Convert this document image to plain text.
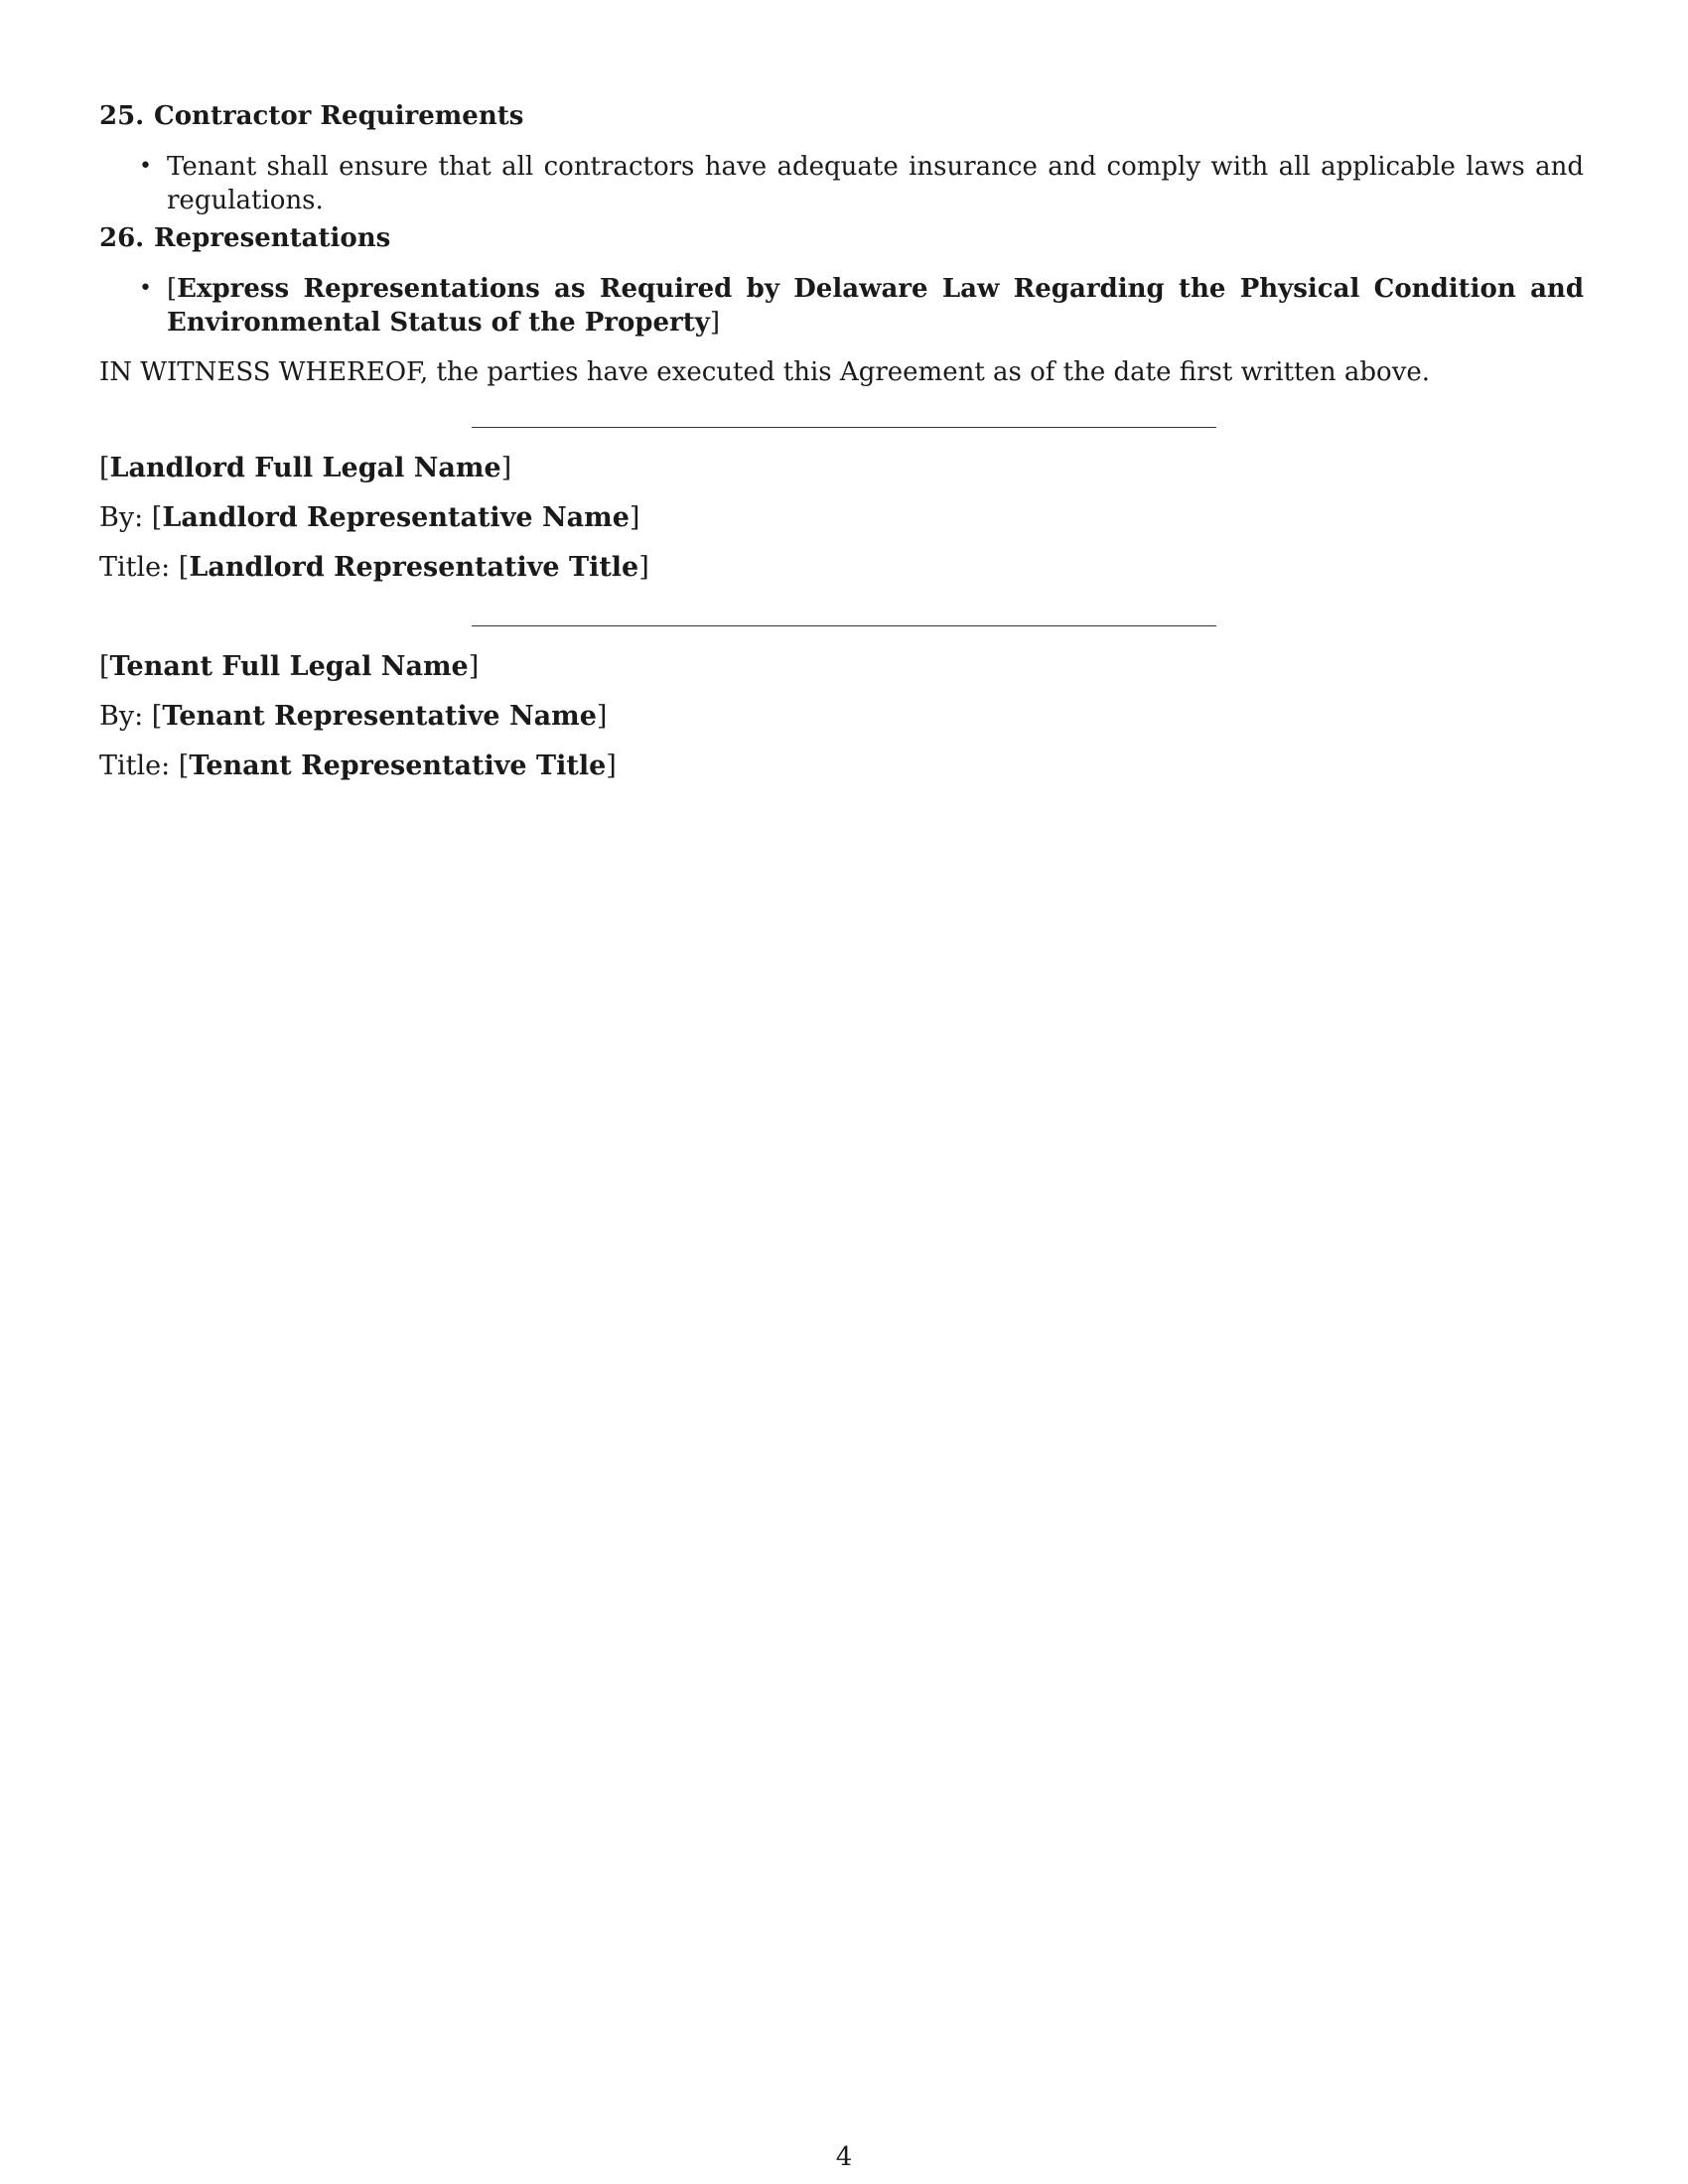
25. Contractor Requirements
• Tenant shall ensure that all contractors have adequate insurance and comply with all applicable laws and regulations.
26. Representations
• [Express Representations as Required by Delaware Law Regarding the Physical Condition and Environmental Status of the Property]
IN WITNESS WHEREOF, the parties have executed this Agreement as of the date first written above.
[Landlord Full Legal Name]
By: [Landlord Representative Name]
Title: [Landlord Representative Title]
[Tenant Full Legal Name]
By: [Tenant Representative Name]
Title: [Tenant Representative Title]
4
